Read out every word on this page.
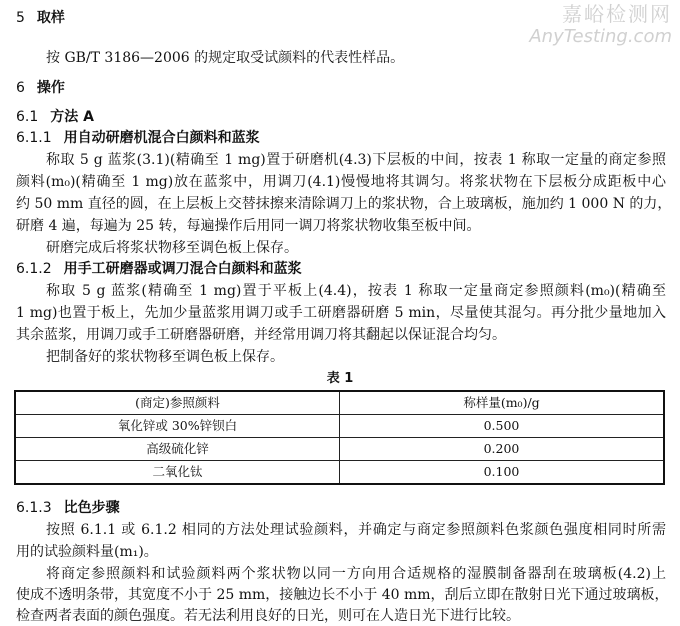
嘉峪检测网
AnyTesting.com
5 取样
按 GB/T 3186—2006 的规定取受试颜料的代表性样品。
6 操作
6.1 方法 A
6.1.1 用自动研磨机混合白颜料和蓝浆
称取 5 g 蓝浆(3.1)(精确至 1 mg)置于研磨机(4.3)下层板的中间，按表 1 称取一定量的商定参照
颜料(m₀)(精确至 1 mg)放在蓝浆中，用调刀(4.1)慢慢地将其调匀。将浆状物在下层板分成距板中心
约 50 mm 直径的圆，在上层板上交替抹擦来清除调刀上的浆状物，合上玻璃板，施加约 1 000 N 的力，
研磨 4 遍，每遍为 25 转，每遍操作后用同一调刀将浆状物收集至板中间。
研磨完成后将浆状物移至调色板上保存。
6.1.2 用手工研磨器或调刀混合白颜料和蓝浆
称取 5 g 蓝浆(精确至 1 mg)置于平板上(4.4)，按表 1 称取一定量商定参照颜料(m₀)(精确至
1 mg)也置于板上，先加少量蓝浆用调刀或手工研磨器研磨 5 min，尽量使其混匀。再分批少量地加入
其余蓝浆，用调刀或手工研磨器研磨，并经常用调刀将其翻起以保证混合均匀。
把制备好的浆状物移至调色板上保存。
表 1
(商定)参照颜料	称样量(m₀)/g
氧化锌或 30%锌钡白	0.500
高级硫化锌	0.200
二氧化钛	0.100
6.1.3 比色步骤
按照 6.1.1 或 6.1.2 相同的方法处理试验颜料，并确定与商定参照颜料色浆颜色强度相同时所需
用的试验颜料量(m₁)。
将商定参照颜料和试验颜料两个浆状物以同一方向用合适规格的湿膜制备器刮在玻璃板(4.2)上
使成不透明条带，其宽度不小于 25 mm，接触边长不小于 40 mm，刮后立即在散射日光下通过玻璃板，
检查两者表面的颜色强度。若无法利用良好的日光，则可在人造日光下进行比较。
